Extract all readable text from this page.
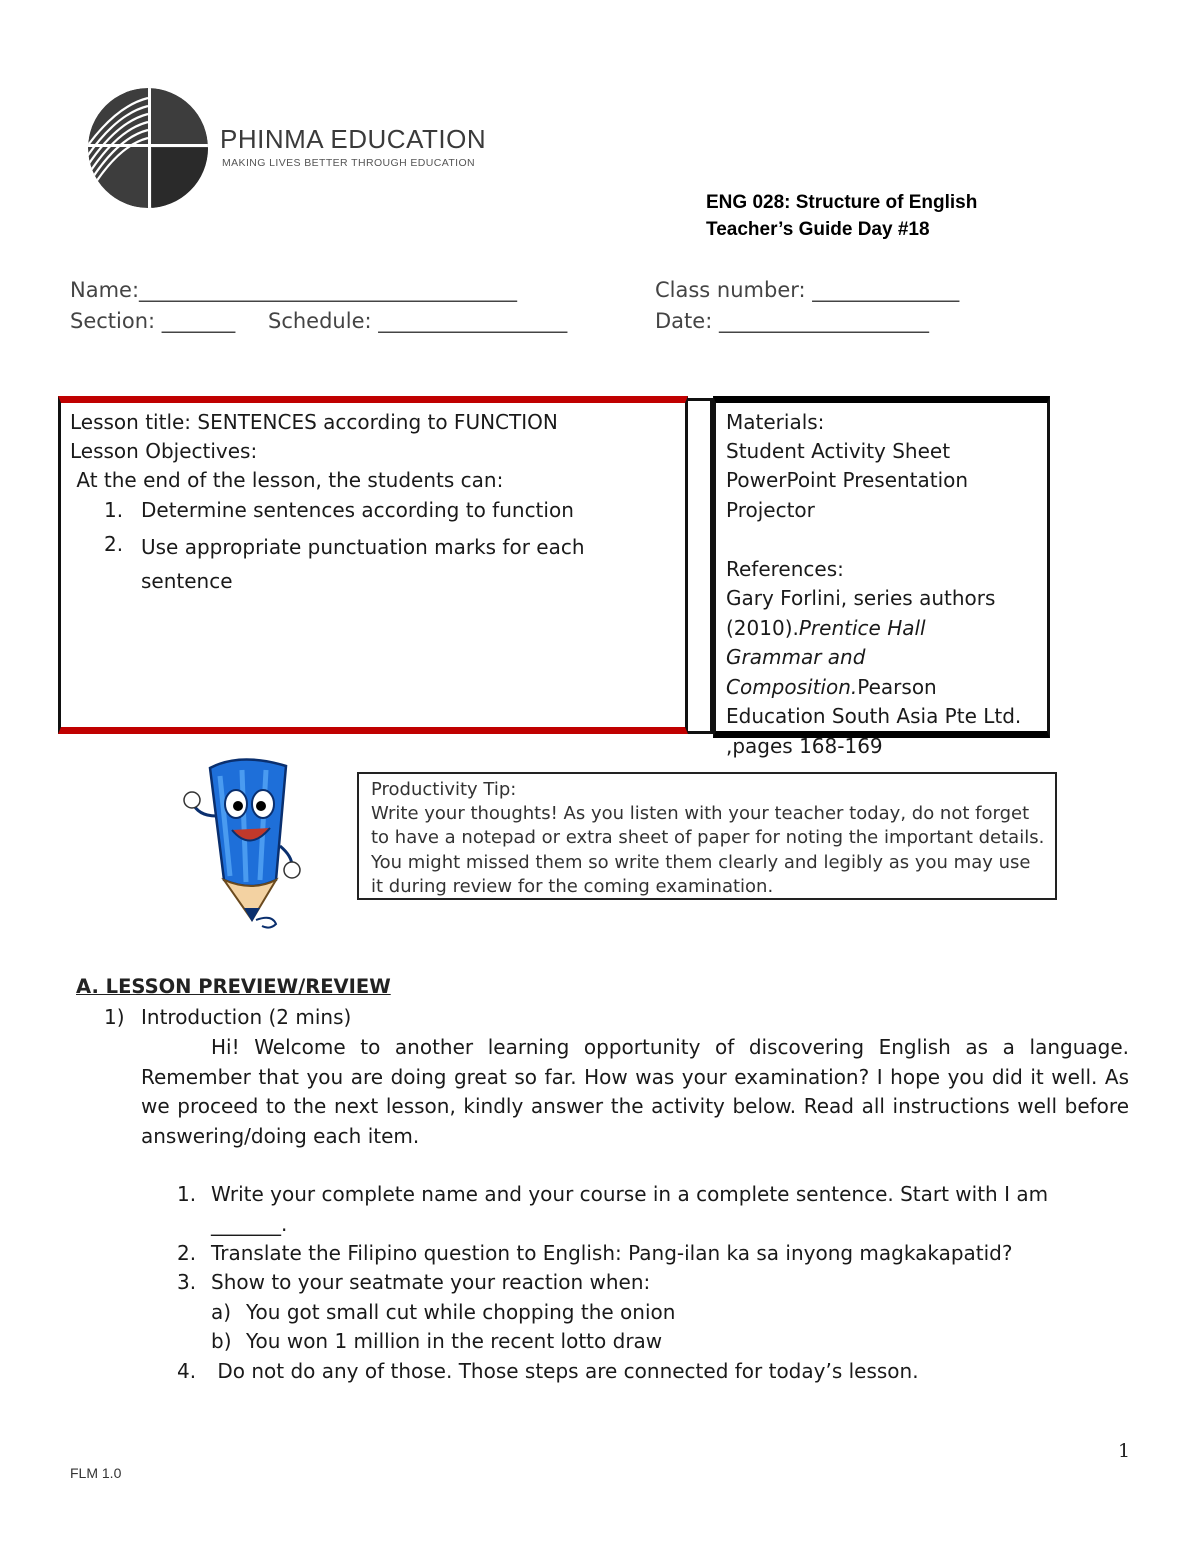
PHINMA EDUCATION
MAKING LIVES BETTER THROUGH EDUCATION
ENG 028: Structure of English
Teacher’s Guide Day #18
Name:____________________________________	Class number: ______________
Section: _______ Schedule: __________________	Date: ____________________
Lesson title: SENTENCES according to FUNCTION
Lesson Objectives:
At the end of the lesson, the students can:
1. Determine sentences according to function
2. Use appropriate punctuation marks for each sentence
Materials:
Student Activity Sheet
PowerPoint Presentation
Projector
References:
Gary Forlini, series authors
(2010).Prentice Hall Grammar and Composition.Pearson Education South Asia Pte Ltd.
,pages 168-169
Productivity Tip:
Write your thoughts! As you listen with your teacher today, do not forget to have a notepad or extra sheet of paper for noting the important details. You might missed them so write them clearly and legibly as you may use it during review for the coming examination.
A. LESSON PREVIEW/REVIEW
1) Introduction (2 mins)
Hi! Welcome to another learning opportunity of discovering English as a language. Remember that you are doing great so far. How was your examination? I hope you did it well. As we proceed to the next lesson, kindly answer the activity below. Read all instructions well before answering/doing each item.
1. Write your complete name and your course in a complete sentence. Start with I am _______.
2. Translate the Filipino question to English: Pang-ilan ka sa inyong magkakapatid?
3. Show to your seatmate your reaction when:
a) You got small cut while chopping the onion
b) You won 1 million in the recent lotto draw
4. Do not do any of those. Those steps are connected for today’s lesson.
1
FLM 1.0
